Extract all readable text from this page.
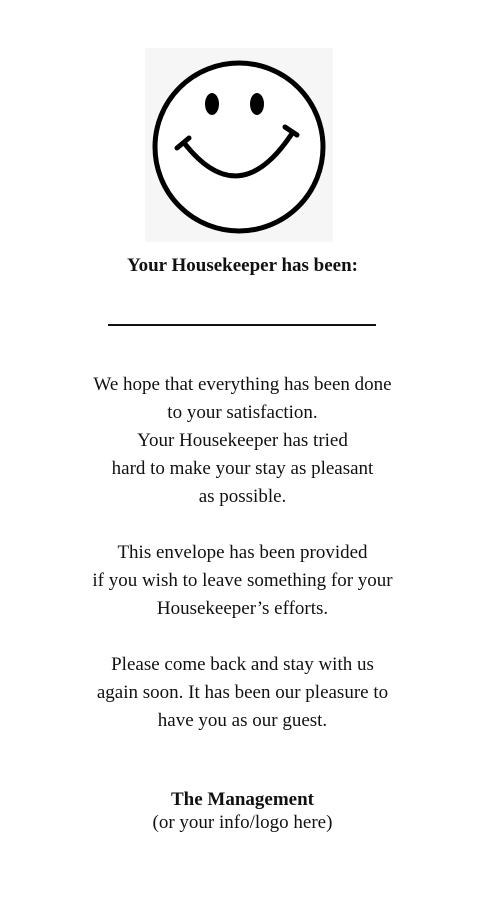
Your Housekeeper has been:
We hope that everything has been done
to your satisfaction.
Your Housekeeper has tried
hard to make your stay as pleasant
as possible.
This envelope has been provided
if you wish to leave something for your
Housekeeper’s efforts.
Please come back and stay with us
again soon. It has been our pleasure to
have you as our guest.
The Management
(or your info/logo here)
